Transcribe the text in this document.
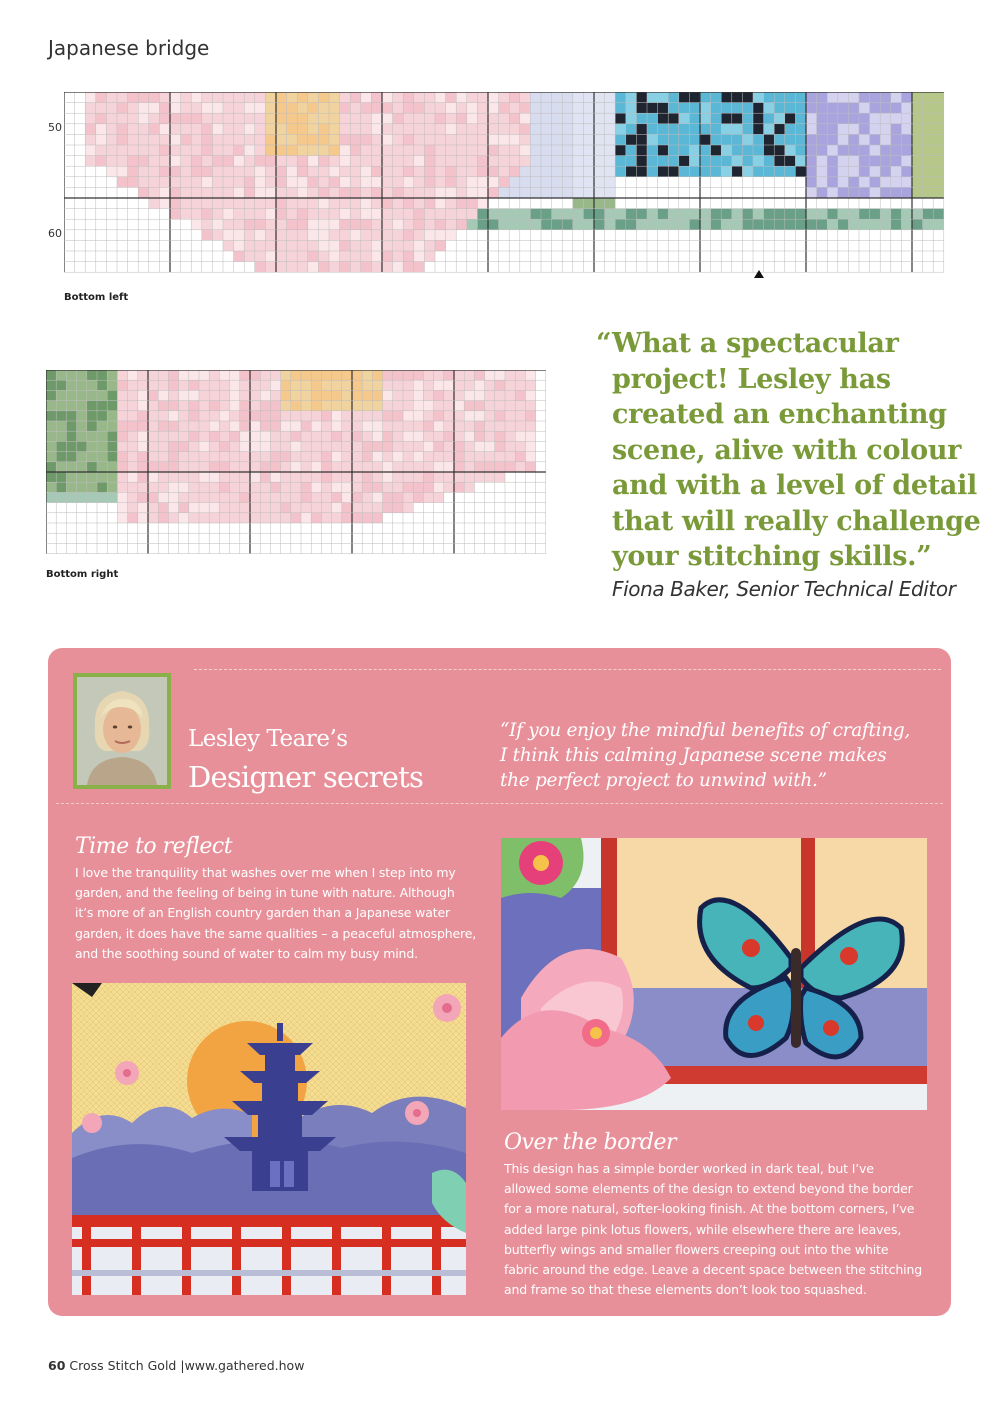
Japanese bridge
50
60
Bottom left
Bottom right
“What a spectacular
project! Lesley has
created an enchanting
scene, alive with colour
and with a level of detail
that will really challenge
your stitching skills.”
Fiona Baker, Senior Technical Editor
Lesley Teare’s
Designer secrets
“If you enjoy the mindful benefits of crafting,
I think this calming Japanese scene makes
the perfect project to unwind with.”
Time to reflect
I love the tranquility that washes over me when I step into my
garden, and the feeling of being in tune with nature. Although
it’s more of an English country garden than a Japanese water
garden, it does have the same qualities – a peaceful atmosphere,
and the soothing sound of water to calm my busy mind.
Over the border
This design has a simple border worked in dark teal, but I’ve
allowed some elements of the design to extend beyond the border
for a more natural, softer-looking finish. At the bottom corners, I’ve
added large pink lotus flowers, while elsewhere there are leaves,
butterfly wings and smaller flowers creeping out into the white
fabric around the edge. Leave a decent space between the stitching
and frame so that these elements don’t look too squashed.
60 Cross Stitch Gold |www.gathered.how
